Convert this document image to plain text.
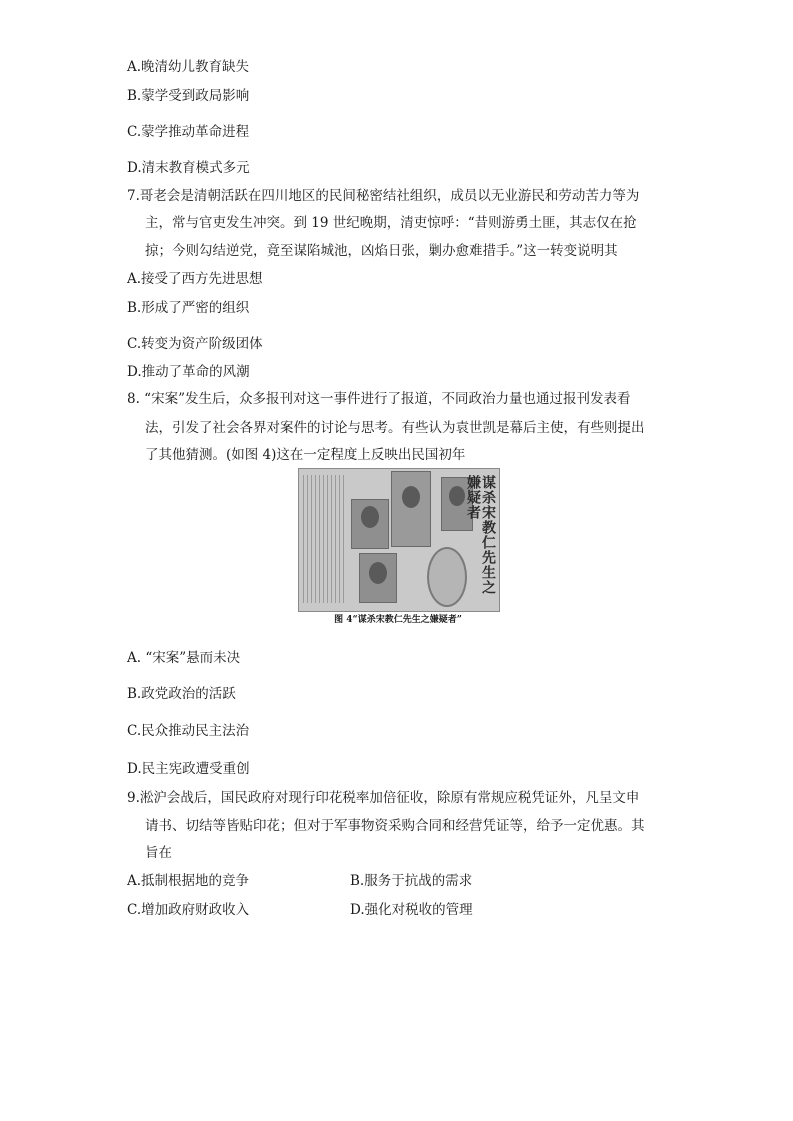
A.晚清幼儿教育缺失
B.蒙学受到政局影响
C.蒙学推动革命进程
D.清末教育模式多元
7.哥老会是清朝活跃在四川地区的民间秘密结社组织，成员以无业游民和劳动苦力等为
主，常与官吏发生冲突。到 19 世纪晚期，清吏惊呼：“昔则游勇土匪，其志仅在抢
掠；今则勾结逆党，竟至谋陷城池，凶焰日张，剿办愈难措手。”这一转变说明其
A.接受了西方先进思想
B.形成了严密的组织
C.转变为资产阶级团体
D.推动了革命的风潮
8. “宋案”发生后，众多报刊对这一事件进行了报道，不同政治力量也通过报刊发表看
法，引发了社会各界对案件的讨论与思考。有些认为袁世凯是幕后主使，有些则提出
了其他猜测。(如图 4)这在一定程度上反映出民国初年
谋杀宋教仁先生之嫌疑者
图 4“谋杀宋教仁先生之嫌疑者”
A. “宋案”悬而未决
B.政党政治的活跃
C.民众推动民主法治
D.民主宪政遭受重创
9.淞沪会战后，国民政府对现行印花税率加倍征收，除原有常规应税凭证外，凡呈文申
请书、切结等皆贴印花；但对于军事物资采购合同和经营凭证等，给予一定优惠。其
旨在
A.抵制根据地的竞争	B.服务于抗战的需求
C.增加政府财政收入	D.强化对税收的管理
